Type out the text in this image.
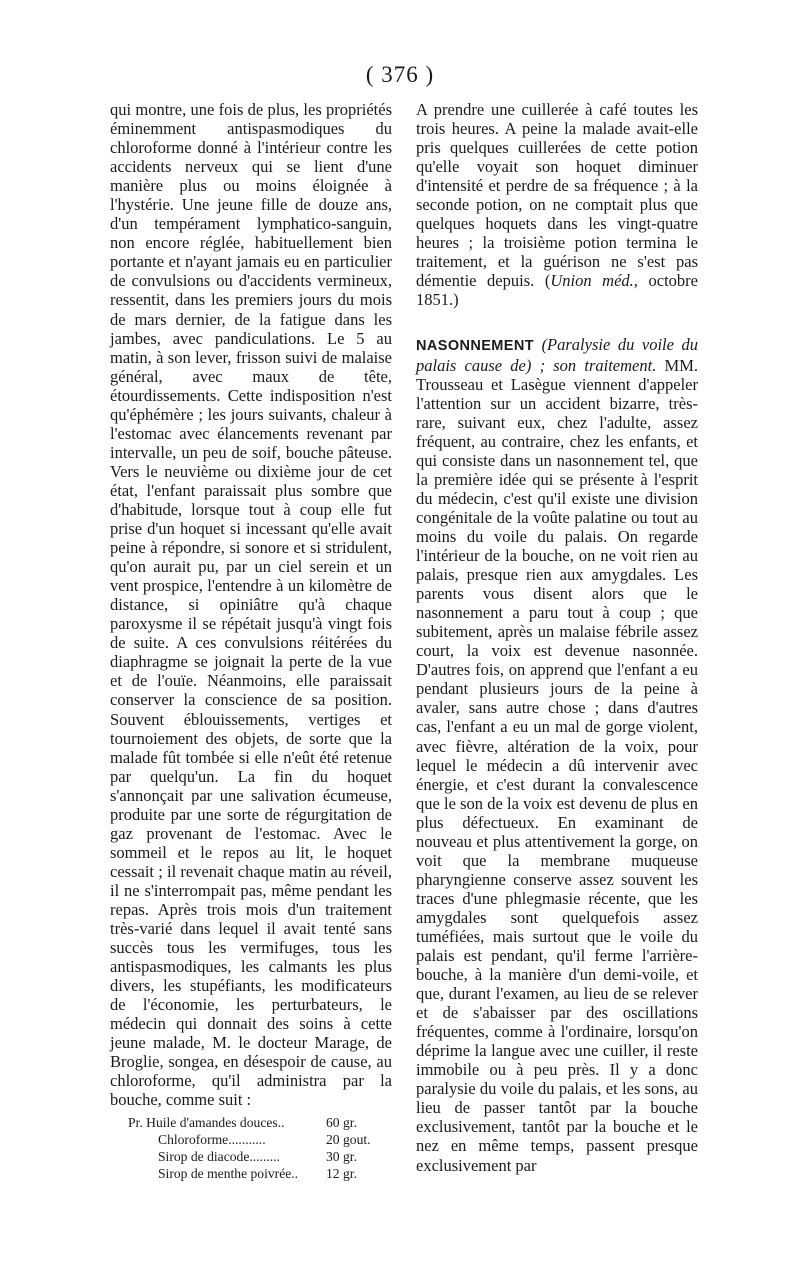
( 376 )

qui montre, une fois de plus, les propriétés éminemment antispasmodiques du chloroforme donné à l'intérieur contre les accidents nerveux qui se lient d'une manière plus ou moins éloignée à l'hystérie. Une jeune fille de douze ans, d'un tempérament lymphatico-sanguin, non encore réglée, habituellement bien portante et n'ayant jamais eu en particulier de convulsions ou d'accidents vermineux, ressentit, dans les premiers jours du mois de mars dernier, de la fatigue dans les jambes, avec pandiculations. Le 5 au matin, à son lever, frisson suivi de malaise général, avec maux de tête, étourdissements. Cette indisposition n'est qu'éphémère ; les jours suivants, chaleur à l'estomac avec élancements revenant par intervalle, un peu de soif, bouche pâteuse. Vers le neuvième ou dixième jour de cet état, l'enfant paraissait plus sombre que d'habitude, lorsque tout à coup elle fut prise d'un hoquet si incessant qu'elle avait peine à répondre, si sonore et si stridulent, qu'on aurait pu, par un ciel serein et un vent prospice, l'entendre à un kilomètre de distance, si opiniâtre qu'à chaque paroxysme il se répétait jusqu'à vingt fois de suite. A ces convulsions réitérées du diaphragme se joignait la perte de la vue et de l'ouïe. Néanmoins, elle paraissait conserver la conscience de sa position. Souvent éblouissements, vertiges et tournoiement des objets, de sorte que la malade fût tombée si elle n'eût été retenue par quelqu'un. La fin du hoquet s'annonçait par une salivation écumeuse, produite par une sorte de régurgitation de gaz provenant de l'estomac. Avec le sommeil et le repos au lit, le hoquet cessait ; il revenait chaque matin au réveil, il ne s'interrompait pas, même pendant les repas. Après trois mois d'un traitement très-varié dans lequel il avait tenté sans succès tous les vermifuges, tous les antispasmodiques, les calmants les plus divers, les stupéfiants, les modificateurs de l'économie, les perturbateurs, le médecin qui donnait des soins à cette jeune malade, M. le docteur Marage, de Broglie, songea, en désespoir de cause, au chloroforme, qu'il administra par la bouche, comme suit :

Pr. Huile d'amandes douces..	60 gr.
Chloroforme...........	20 gout.
Sirop de diacode.........	30 gr.
Sirop de menthe poivrée..	12 gr.

A prendre une cuillerée à café toutes les trois heures. A peine la malade avait-elle pris quelques cuillerées de cette potion qu'elle voyait son hoquet diminuer d'intensité et perdre de sa fréquence ; à la seconde potion, on ne comptait plus que quelques hoquets dans les vingt-quatre heures ; la troisième potion termina le traitement, et la guérison ne s'est pas démentie depuis. (Union méd., octobre 1851.)

NASONNEMENT (Paralysie du voile du palais cause de) ; son traitement. MM. Trousseau et Lasègue viennent d'appeler l'attention sur un accident bizarre, très-rare, suivant eux, chez l'adulte, assez fréquent, au contraire, chez les enfants, et qui consiste dans un nasonnement tel, que la première idée qui se présente à l'esprit du médecin, c'est qu'il existe une division congénitale de la voûte palatine ou tout au moins du voile du palais. On regarde l'intérieur de la bouche, on ne voit rien au palais, presque rien aux amygdales. Les parents vous disent alors que le nasonnement a paru tout à coup ; que subitement, après un malaise fébrile assez court, la voix est devenue nasonnée. D'autres fois, on apprend que l'enfant a eu pendant plusieurs jours de la peine à avaler, sans autre chose ; dans d'autres cas, l'enfant a eu un mal de gorge violent, avec fièvre, altération de la voix, pour lequel le médecin a dû intervenir avec énergie, et c'est durant la convalescence que le son de la voix est devenu de plus en plus défectueux. En examinant de nouveau et plus attentivement la gorge, on voit que la membrane muqueuse pharyngienne conserve assez souvent les traces d'une phlegmasie récente, que les amygdales sont quelquefois assez tuméfiées, mais surtout que le voile du palais est pendant, qu'il ferme l'arrière-bouche, à la manière d'un demi-voile, et que, durant l'examen, au lieu de se relever et de s'abaisser par des oscillations fréquentes, comme à l'ordinaire, lorsqu'on déprime la langue avec une cuiller, il reste immobile ou à peu près. Il y a donc paralysie du voile du palais, et les sons, au lieu de passer tantôt par la bouche exclusivement, tantôt par la bouche et le nez en même temps, passent presque exclusivement par
